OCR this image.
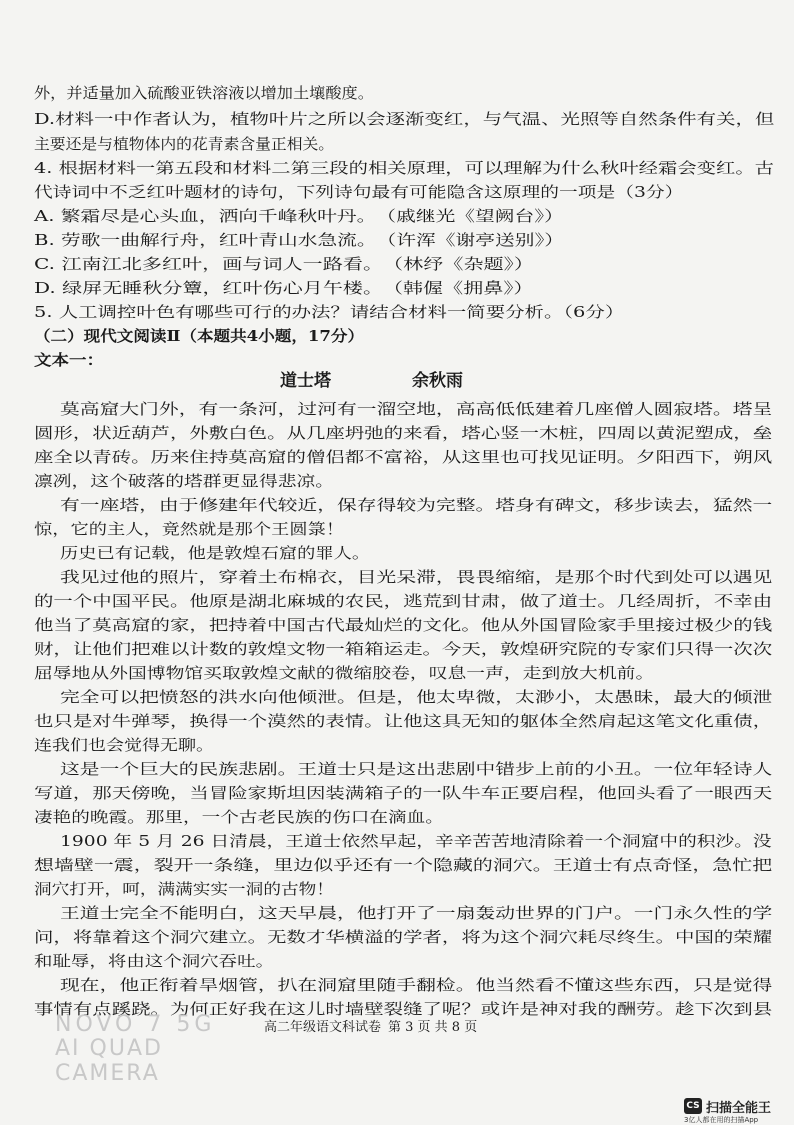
外，并适量加入硫酸亚铁溶液以增加土壤酸度。
D.材料一中作者认为，植物叶片之所以会逐渐变红，与气温、光照等自然条件有关，但
主要还是与植物体内的花青素含量正相关。
4. 根据材料一第五段和材料二第三段的相关原理，可以理解为什么秋叶经霜会变红。古
代诗词中不乏红叶题材的诗句，下列诗句最有可能隐含这原理的一项是（3分）
A. 繁霜尽是心头血，洒向千峰秋叶丹。　（戚继光《望阙台》）
B. 劳歌一曲解行舟，红叶青山水急流。　（许浑《谢亭送别》）
C. 江南江北多红叶，画与词人一路看。　（林纾《杂题》）
D. 绿屏无睡秋分簟，红叶伤心月午楼。　（韩偓《拥鼻》）
5. 人工调控叶色有哪些可行的办法？请结合材料一简要分析。（6分）
（二）现代文阅读Ⅱ（本题共4小题，17分）
文本一：
莫高窟大门外，有一条河，过河有一溜空地，高高低低建着几座僧人圆寂塔。塔呈
圆形，状近葫芦，外敷白色。从几座坍弛的来看，塔心竖一木桩，四周以黄泥塑成，垒
座全以青砖。历来住持莫高窟的僧侣都不富裕，从这里也可找见证明。夕阳西下，朔风
凛冽，这个破落的塔群更显得悲凉。
有一座塔，由于修建年代较近，保存得较为完整。塔身有碑文，移步读去，猛然一
惊，它的主人，竟然就是那个王圆箓！
历史已有记载，他是敦煌石窟的罪人。
我见过他的照片，穿着土布棉衣，目光呆滞，畏畏缩缩，是那个时代到处可以遇见
的一个中国平民。他原是湖北麻城的农民，逃荒到甘肃，做了道士。几经周折，不幸由
他当了莫高窟的家，把持着中国古代最灿烂的文化。他从外国冒险家手里接过极少的钱
财，让他们把难以计数的敦煌文物一箱箱运走。今天，敦煌研究院的专家们只得一次次
屈辱地从外国博物馆买取敦煌文献的微缩胶卷，叹息一声，走到放大机前。
完全可以把愤怒的洪水向他倾泄。但是，他太卑微，太渺小，太愚昧，最大的倾泄
也只是对牛弹琴，换得一个漠然的表情。让他这具无知的躯体全然肩起这笔文化重债，
连我们也会觉得无聊。
这是一个巨大的民族悲剧。王道士只是这出悲剧中错步上前的小丑。一位年轻诗人
写道，那天傍晚，当冒险家斯坦因装满箱子的一队牛车正要启程，他回头看了一眼西天
凄艳的晚霞。那里，一个古老民族的伤口在滴血。
1900 年 5 月 26 日清晨，王道士依然早起，辛辛苦苦地清除着一个洞窟中的积沙。没
想墙壁一震，裂开一条缝，里边似乎还有一个隐藏的洞穴。王道士有点奇怪，急忙把
洞穴打开，呵，满满实实一洞的古物！
王道士完全不能明白，这天早晨，他打开了一扇轰动世界的门户。一门永久性的学
问，将靠着这个洞穴建立。无数才华横溢的学者，将为这个洞穴耗尽终生。中国的荣耀
和耻辱，将由这个洞穴吞吐。
现在，他正衔着旱烟管，扒在洞窟里随手翻检。他当然看不懂这些东西，只是觉得
事情有点蹊跷。为何正好我在这儿时墙壁裂缝了呢？或许是神对我的酬劳。趁下次到县
道士塔	余秋雨
高二年级语文科试卷 第 3 页 共 8 页
NOVO 7 5G
AI QUAD CAMERA
CS 扫描全能王
3亿人都在用的扫描App
